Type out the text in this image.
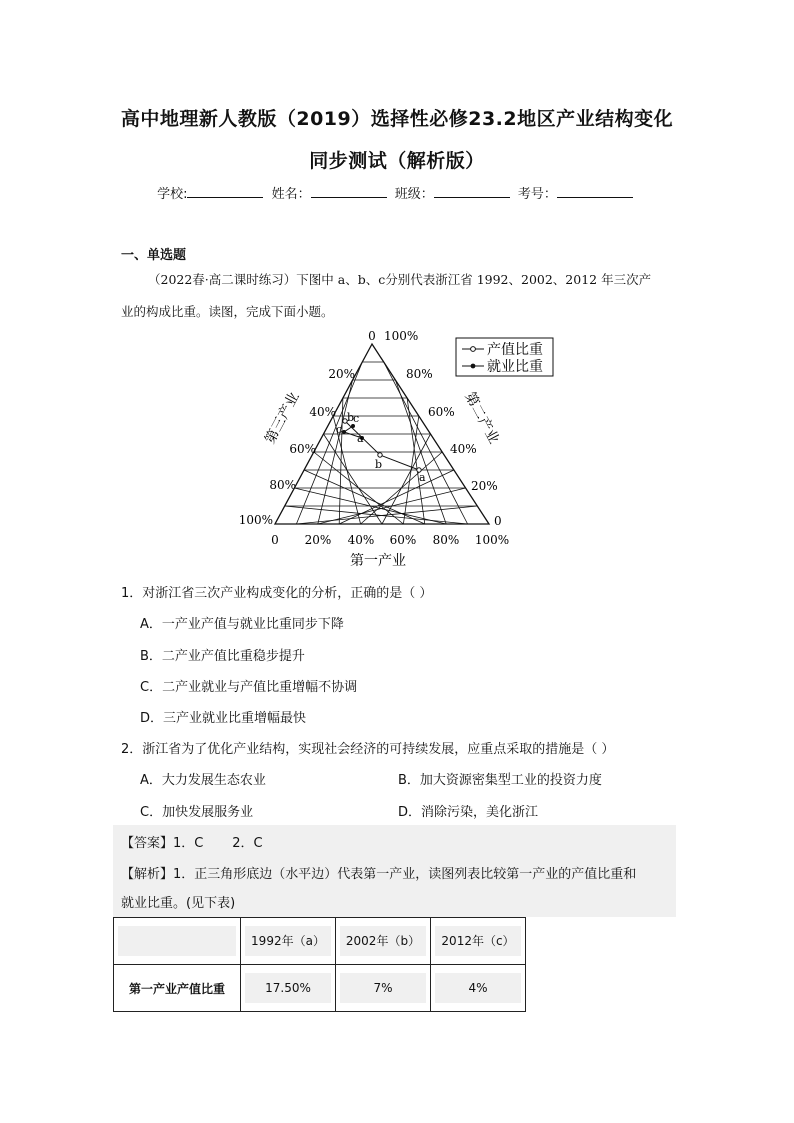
高中地理新人教版（2019）选择性必修23.2地区产业结构变化
同步测试（解析版）
学校:	姓名：	班级：	考号：
一、单选题
（2022春·高二课时练习）下图中 a、b、c分别代表浙江省 1992、2002、2012 年三次产
业的构成比重。读图，完成下面小题。
0 100%
20%
40%
60%
80%
100%
80%
60%
40%
20%
0
0 20% 40% 60% 80% 100%
第三产业	第二产业
第一产业
产值比重
就业比重
a
b
c
a
b
c
1．对浙江省三次产业构成变化的分析，正确的是（ ）
A．一产业产值与就业比重同步下降
B．二产业产值比重稳步提升
C．二产业就业与产值比重增幅不协调
D．三产业就业比重增幅最快
2．浙江省为了优化产业结构，实现社会经济的可持续发展，应重点采取的措施是（ ）
A．大力发展生态农业	B．加大资源密集型工业的投资力度
C．加快发展服务业	D．消除污染，美化浙江
【答案】1．C       2．C
【解析】1．正三角形底边（水平边）代表第一产业，读图列表比较第一产业的产值比重和
就业比重。(见下表)

	1992年（a）	2002年（b）	2012年（c）

第一产业产值比重	17.50%	7%	4%
